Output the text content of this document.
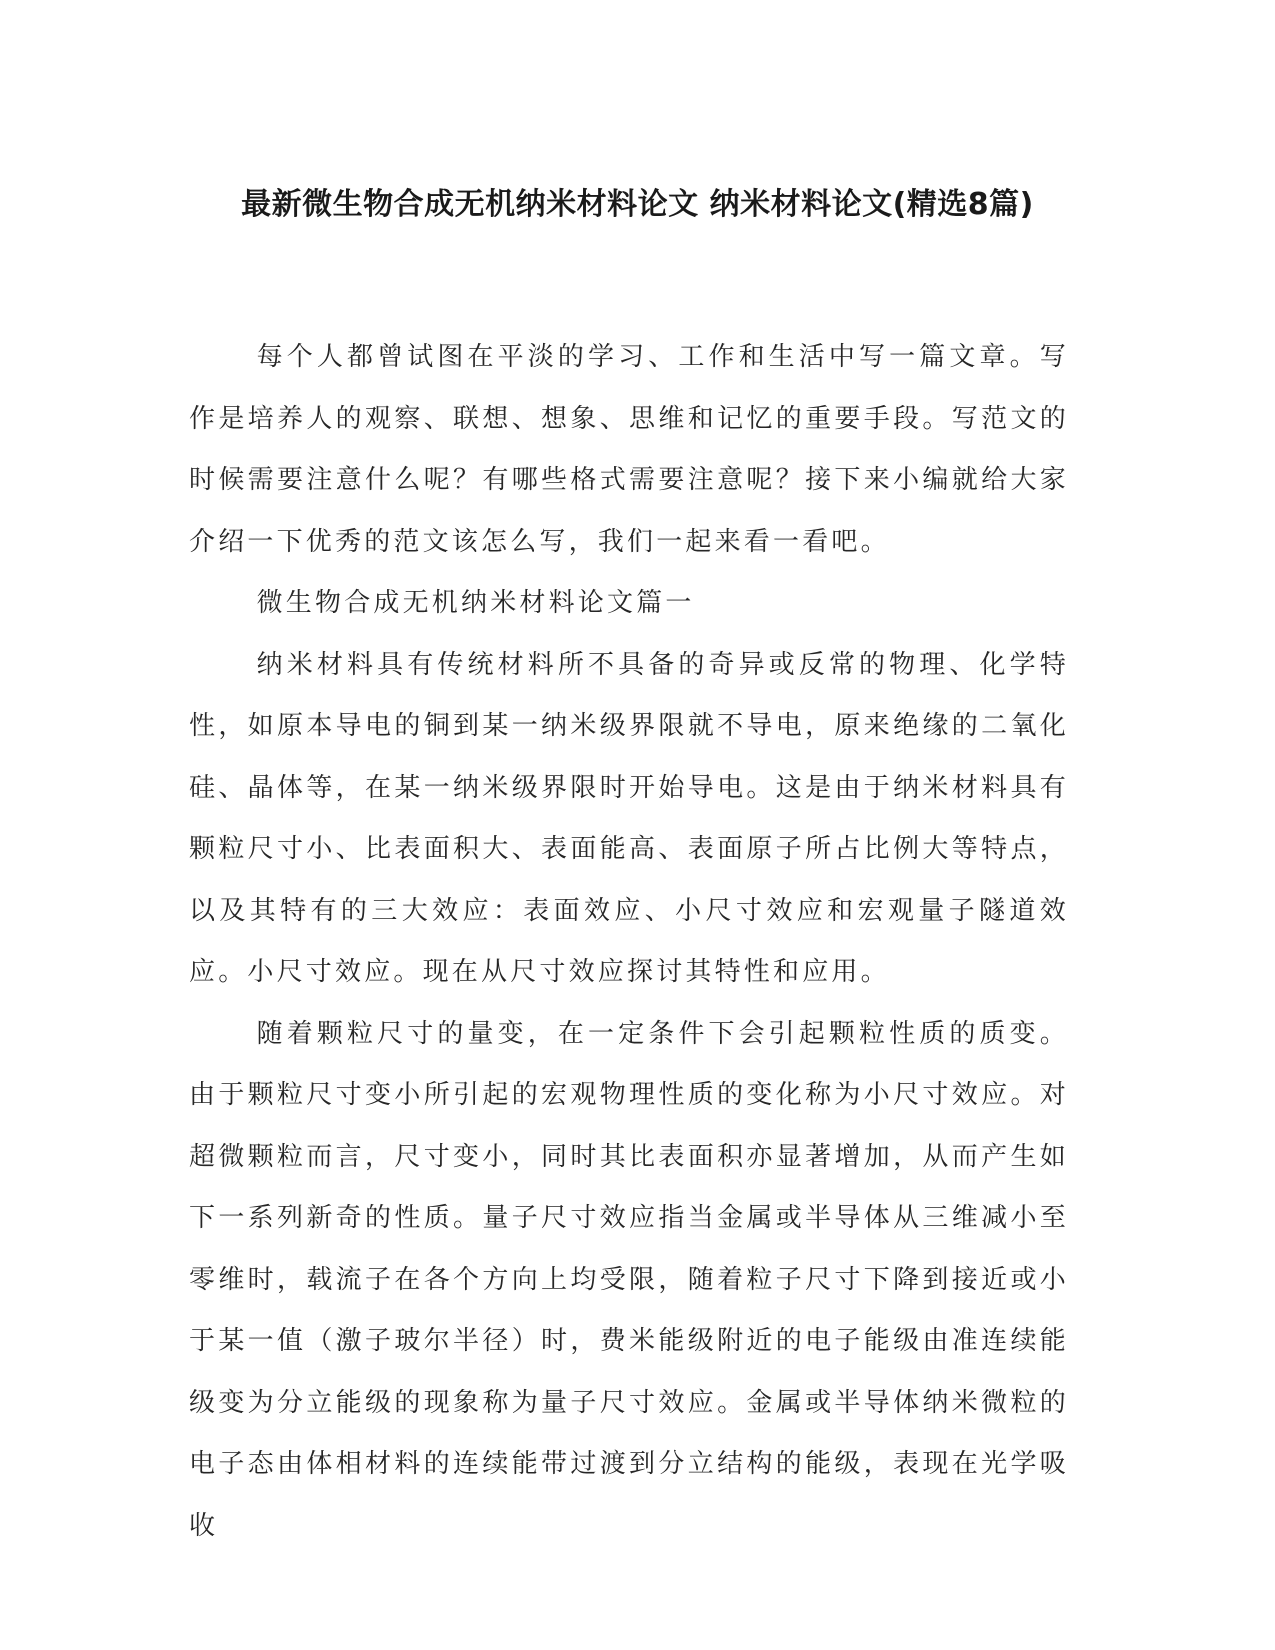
最新微生物合成无机纳米材料论文 纳米材料论文(精选8篇)

每个人都曾试图在平淡的学习、工作和生活中写一篇文章。写作是培养人的观察、联想、想象、思维和记忆的重要手段。写范文的时候需要注意什么呢？有哪些格式需要注意呢？接下来小编就给大家介绍一下优秀的范文该怎么写，我们一起来看一看吧。

微生物合成无机纳米材料论文篇一

纳米材料具有传统材料所不具备的奇异或反常的物理、化学特性，如原本导电的铜到某一纳米级界限就不导电，原来绝缘的二氧化硅、晶体等，在某一纳米级界限时开始导电。这是由于纳米材料具有颗粒尺寸小、比表面积大、表面能高、表面原子所占比例大等特点，以及其特有的三大效应：表面效应、小尺寸效应和宏观量子隧道效应。小尺寸效应。现在从尺寸效应探讨其特性和应用。

随着颗粒尺寸的量变，在一定条件下会引起颗粒性质的质变。由于颗粒尺寸变小所引起的宏观物理性质的变化称为小尺寸效应。对超微颗粒而言，尺寸变小，同时其比表面积亦显著增加，从而产生如下一系列新奇的性质。量子尺寸效应指当金属或半导体从三维减小至零维时，载流子在各个方向上均受限，随着粒子尺寸下降到接近或小于某一值（激子玻尔半径）时，费米能级附近的电子能级由准连续能级变为分立能级的现象称为量子尺寸效应。金属或半导体纳米微粒的电子态由体相材料的连续能带过渡到分立结构的能级，表现在光学吸收
